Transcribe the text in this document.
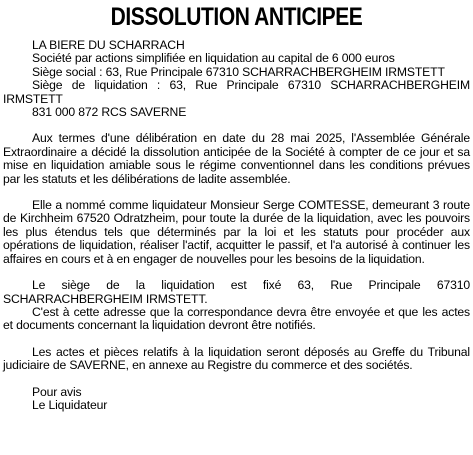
DISSOLUTION ANTICIPEE
LA BIERE DU SCHARRACH
Société par actions simplifiée en liquidation au capital de 6 000 euros
Siège social : 63, Rue Principale 67310 SCHARRACHBERGHEIM IRMSTETT
Siège de liquidation : 63, Rue Principale 67310 SCHARRACHBERGHEIM IRMSTETT
831 000 872 RCS SAVERNE

Aux termes d'une délibération en date du 28 mai 2025, l'Assemblée Générale Extraordinaire a décidé la dissolution anticipée de la Société à compter de ce jour et sa mise en liquidation amiable sous le régime conventionnel dans les conditions prévues par les statuts et les délibérations de ladite assemblée.

Elle a nommé comme liquidateur Monsieur Serge COMTESSE, demeurant 3 route de Kirchheim 67520 Odratzheim, pour toute la durée de la liquidation, avec les pouvoirs les plus étendus tels que déterminés par la loi et les statuts pour procéder aux opérations de liquidation, réaliser l'actif, acquitter le passif, et l'a autorisé à continuer les affaires en cours et à en engager de nouvelles pour les besoins de la liquidation.

Le siège de la liquidation est fixé 63, Rue Principale 67310 SCHARRACHBERGHEIM IRMSTETT.

C'est à cette adresse que la correspondance devra être envoyée et que les actes et documents concernant la liquidation devront être notifiés.

Les actes et pièces relatifs à la liquidation seront déposés au Greffe du Tribunal judiciaire de SAVERNE, en annexe au Registre du commerce et des sociétés.

Pour avis
Le Liquidateur
